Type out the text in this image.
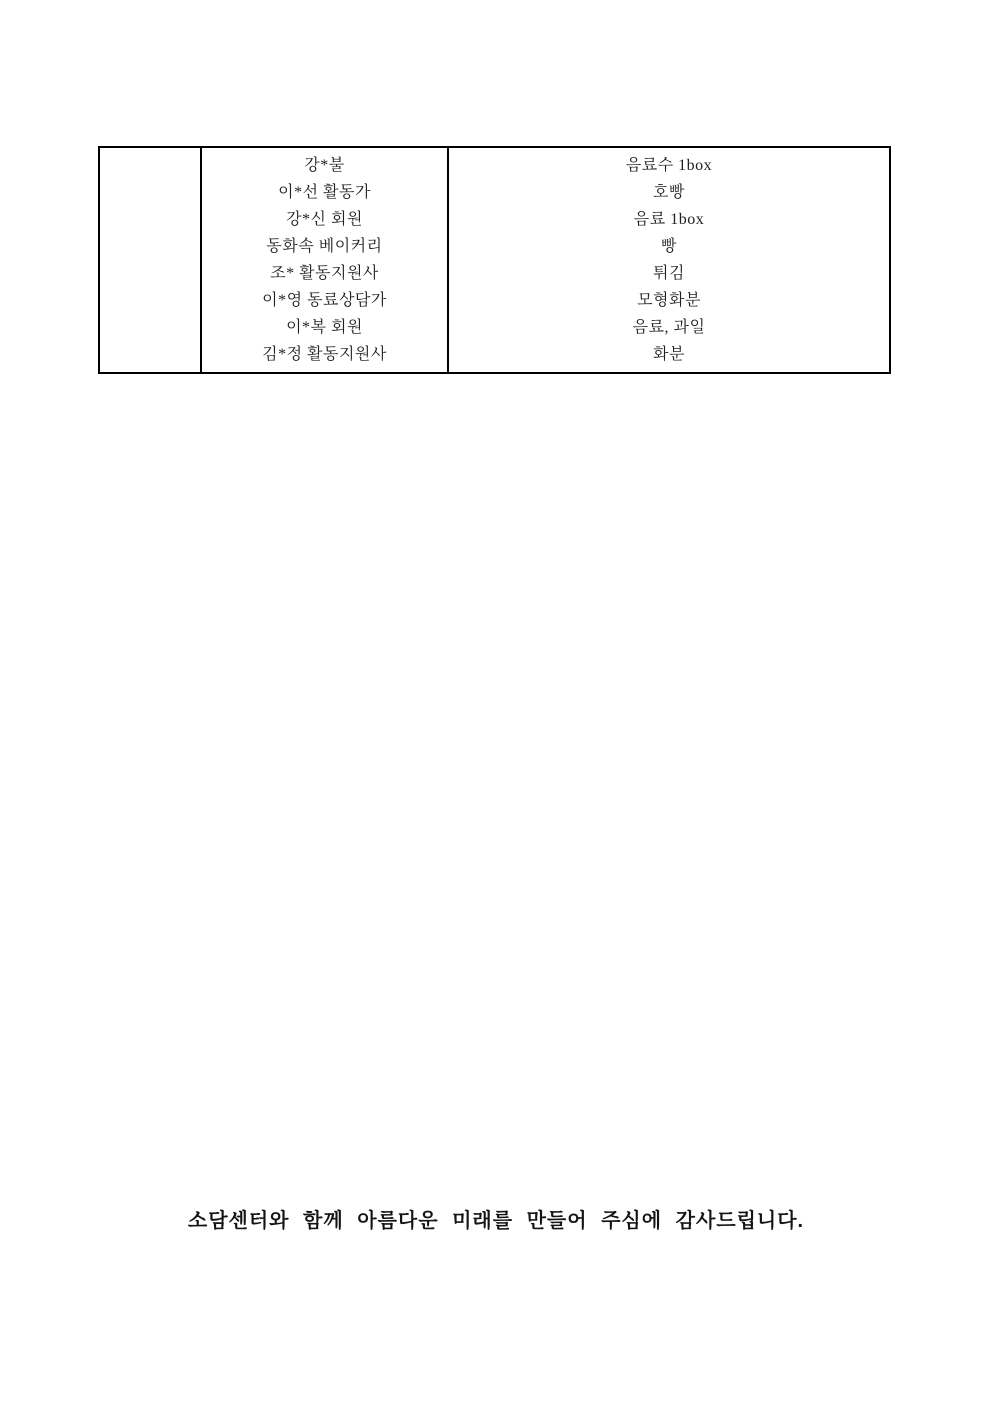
강*불
이*선 활동가
강*신 회원
동화속 베이커리
조* 활동지원사
이*영 동료상담가
이*복 회원
김*정 활동지원사
음료수 1box
호빵
음료 1box
빵
튀김
모형화분
음료, 과일
화분
소담센터와 함께 아름다운 미래를 만들어 주심에 감사드립니다.
